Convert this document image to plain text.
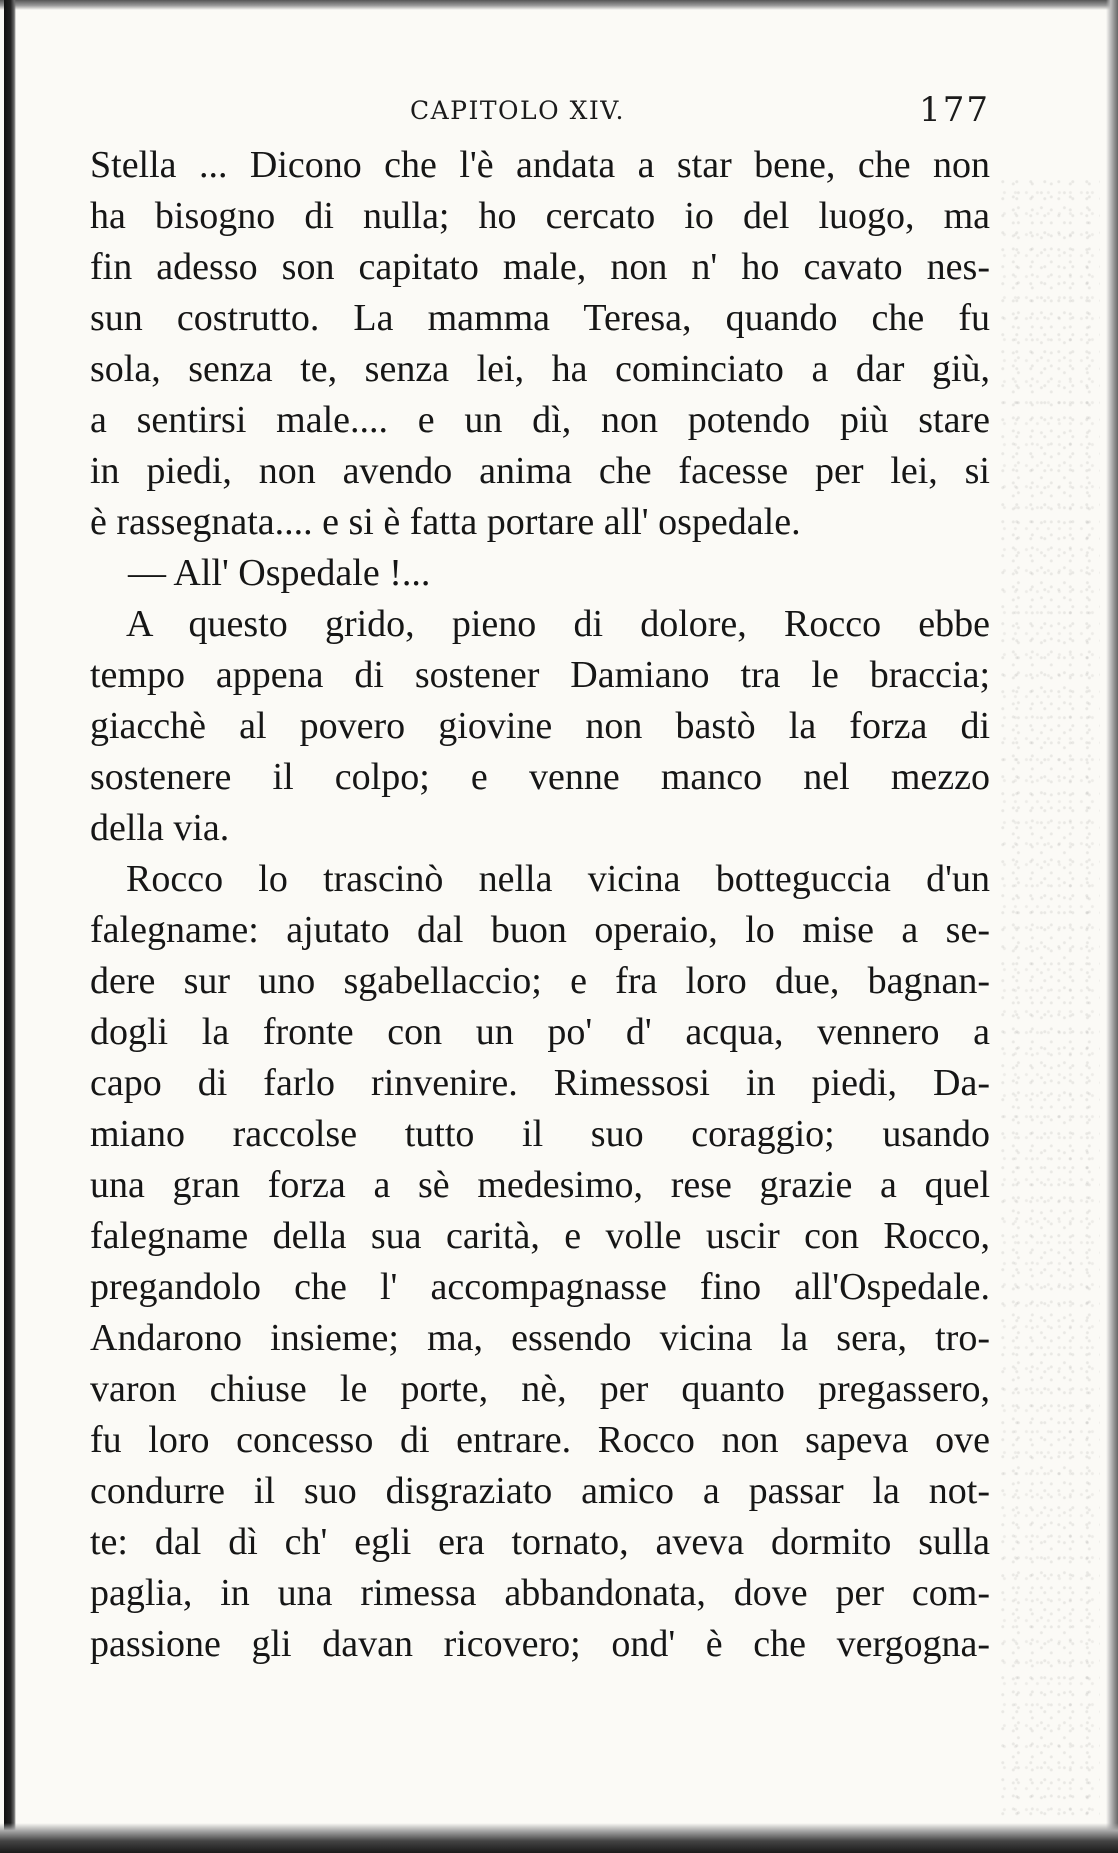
CAPITOLO XIV.	177
Stella ... Dicono che l'è andata a star bene, che non
ha bisogno di nulla; ho cercato io del luogo, ma
fin adesso son capitato male, non n' ho cavato nes-
sun costrutto. La mamma Teresa, quando che fu
sola, senza te, senza lei, ha cominciato a dar giù,
a sentirsi male.... e un dì, non potendo più stare
in piedi, non avendo anima che facesse per lei, si
è rassegnata.... e si è fatta portare all' ospedale.
— All' Ospedale !...
A questo grido, pieno di dolore, Rocco ebbe
tempo appena di sostener Damiano tra le braccia;
giacchè al povero giovine non bastò la forza di
sostenere il colpo; e venne manco nel mezzo
della via.
Rocco lo trascinò nella vicina botteguccia d'un
falegname: ajutato dal buon operaio, lo mise a se-
dere sur uno sgabellaccio; e fra loro due, bagnan-
dogli la fronte con un po' d' acqua, vennero a
capo di farlo rinvenire. Rimessosi in piedi, Da-
miano raccolse tutto il suo coraggio; usando
una gran forza a sè medesimo, rese grazie a quel
falegname della sua carità, e volle uscir con Rocco,
pregandolo che l' accompagnasse fino all'Ospedale.
Andarono insieme; ma, essendo vicina la sera, tro-
varon chiuse le porte, nè, per quanto pregassero,
fu loro concesso di entrare. Rocco non sapeva ove
condurre il suo disgraziato amico a passar la not-
te: dal dì ch' egli era tornato, aveva dormito sulla
paglia, in una rimessa abbandonata, dove per com-
passione gli davan ricovero; ond' è che vergogna-
